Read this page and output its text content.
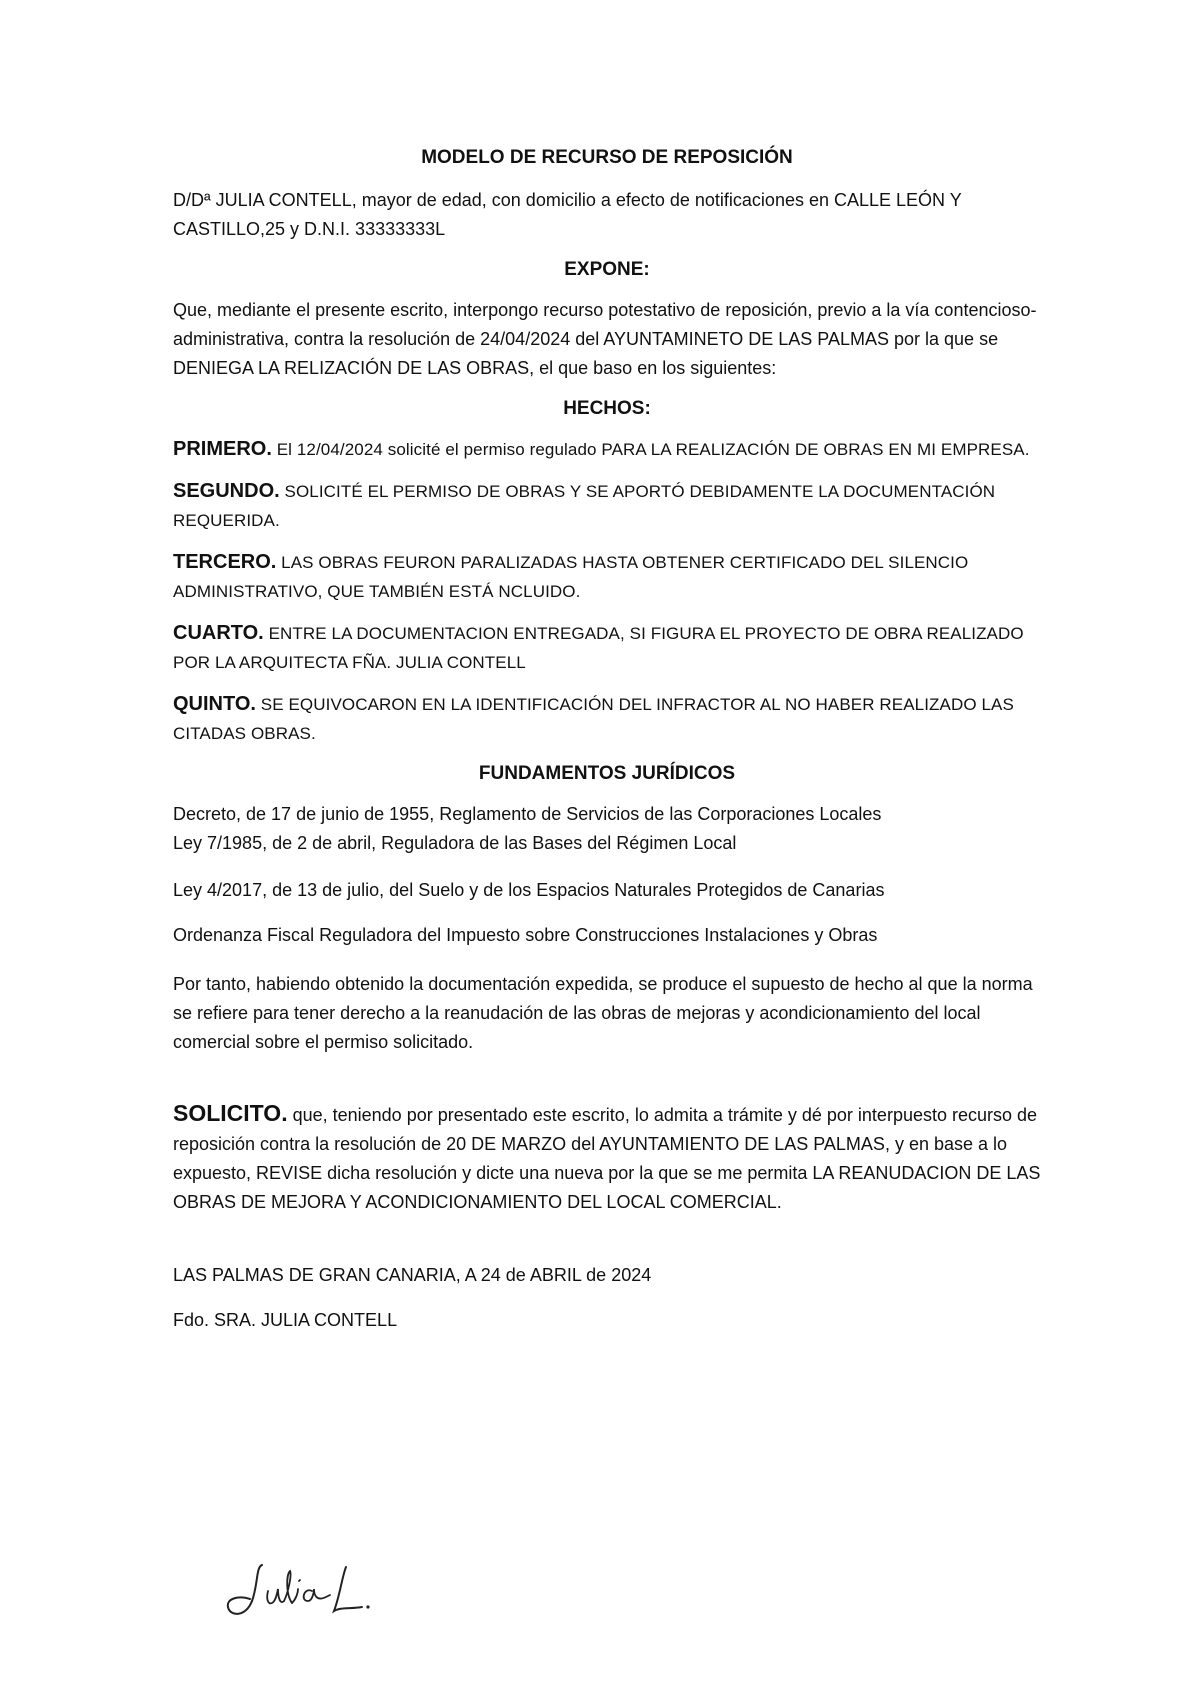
MODELO DE RECURSO DE REPOSICIÓN
D/Dª JULIA CONTELL, mayor de edad, con domicilio a efecto de notificaciones en CALLE LEÓN Y CASTILLO,25 y D.N.I. 33333333L
EXPONE:
Que, mediante el presente escrito, interpongo recurso potestativo de reposición, previo a la vía contencioso-administrativa, contra la resolución de 24/04/2024 del AYUNTAMINETO DE LAS PALMAS por la que se DENIEGA LA RELIZACIÓN DE LAS OBRAS, el que baso en los siguientes:
HECHOS:
PRIMERO. El 12/04/2024 solicité el permiso regulado PARA LA REALIZACIÓN DE OBRAS EN MI EMPRESA.
SEGUNDO. SOLICITÉ EL PERMISO DE OBRAS Y SE APORTÓ DEBIDAMENTE LA DOCUMENTACIÓN REQUERIDA.
TERCERO. LAS OBRAS FEURON PARALIZADAS HASTA OBTENER CERTIFICADO DEL SILENCIO ADMINISTRATIVO, QUE TAMBIÉN ESTÁ NCLUIDO.
CUARTO. ENTRE LA DOCUMENTACION ENTREGADA, SI FIGURA EL PROYECTO DE OBRA REALIZADO POR LA ARQUITECTA FÑA. JULIA CONTELL
QUINTO. SE EQUIVOCARON EN LA IDENTIFICACIÓN DEL INFRACTOR AL NO HABER REALIZADO LAS CITADAS OBRAS.
FUNDAMENTOS JURÍDICOS
Decreto, de 17 de junio de 1955, Reglamento de Servicios de las Corporaciones Locales
Ley 7/1985, de 2 de abril, Reguladora de las Bases del Régimen Local
Ley 4/2017, de 13 de julio, del Suelo y de los Espacios Naturales Protegidos de Canarias
Ordenanza Fiscal Reguladora del Impuesto sobre Construcciones Instalaciones y Obras
Por tanto, habiendo obtenido la documentación expedida, se produce el supuesto de hecho al que la norma se refiere para tener derecho a la reanudación de las obras de mejoras y acondicionamiento del local comercial sobre el permiso solicitado.
SOLICITO. que, teniendo por presentado este escrito, lo admita a trámite y dé por interpuesto recurso de reposición contra la resolución de 20 DE MARZO del AYUNTAMIENTO DE LAS PALMAS, y en base a lo expuesto, REVISE dicha resolución y dicte una nueva por la que se me permita LA REANUDACION DE LAS OBRAS DE MEJORA Y ACONDICIONAMIENTO DEL LOCAL COMERCIAL.
LAS PALMAS DE GRAN CANARIA, A 24 de ABRIL de 2024
Fdo. SRA. JULIA CONTELL
